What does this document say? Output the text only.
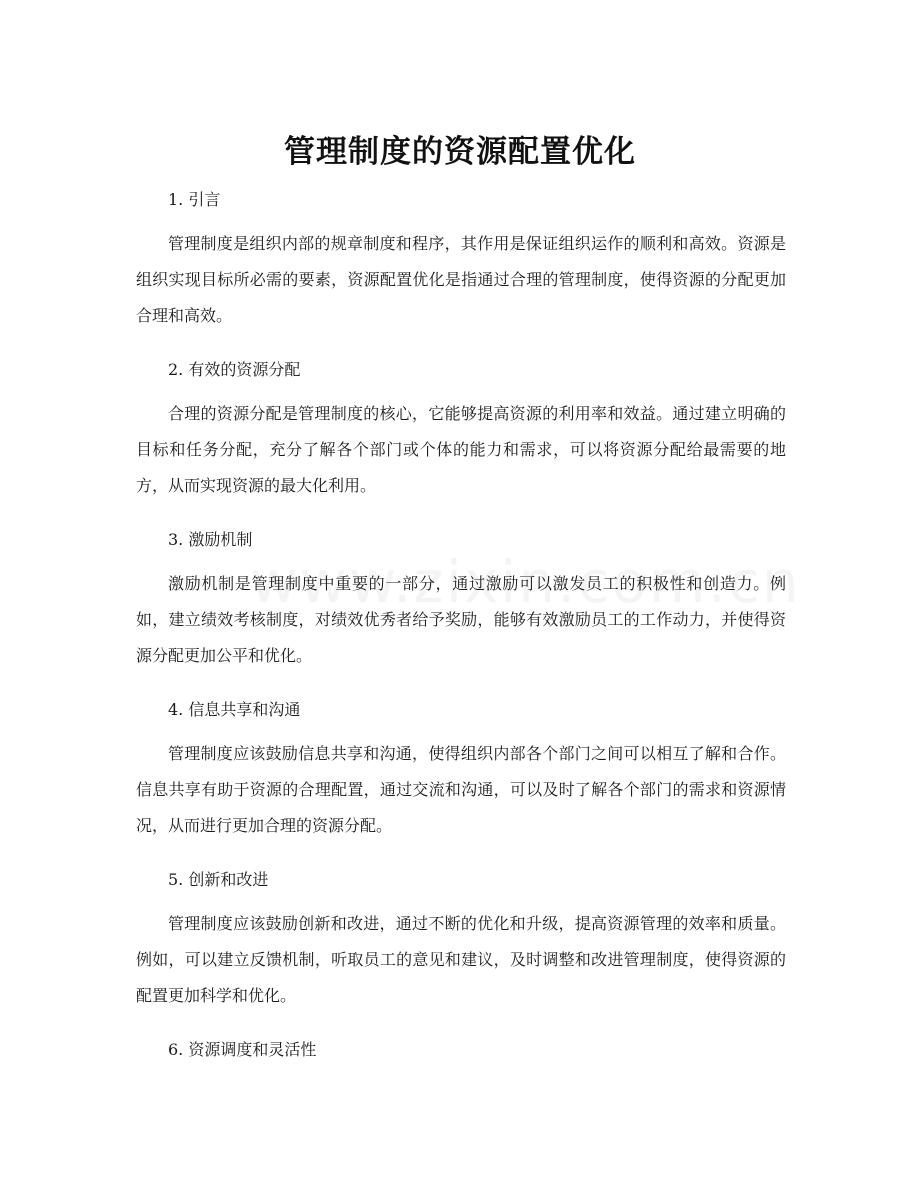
管理制度的资源配置优化

1. 引言

管理制度是组织内部的规章制度和程序，其作用是保证组织运作的顺利和高效。资源是组织实现目标所必需的要素，资源配置优化是指通过合理的管理制度，使得资源的分配更加合理和高效。

2. 有效的资源分配

合理的资源分配是管理制度的核心，它能够提高资源的利用率和效益。通过建立明确的目标和任务分配，充分了解各个部门或个体的能力和需求，可以将资源分配给最需要的地方，从而实现资源的最大化利用。

3. 激励机制

激励机制是管理制度中重要的一部分，通过激励可以激发员工的积极性和创造力。例如，建立绩效考核制度，对绩效优秀者给予奖励，能够有效激励员工的工作动力，并使得资源分配更加公平和优化。

4. 信息共享和沟通

管理制度应该鼓励信息共享和沟通，使得组织内部各个部门之间可以相互了解和合作。信息共享有助于资源的合理配置，通过交流和沟通，可以及时了解各个部门的需求和资源情况，从而进行更加合理的资源分配。

5. 创新和改进

管理制度应该鼓励创新和改进，通过不断的优化和升级，提高资源管理的效率和质量。例如，可以建立反馈机制，听取员工的意见和建议，及时调整和改进管理制度，使得资源的配置更加科学和优化。

6. 资源调度和灵活性
